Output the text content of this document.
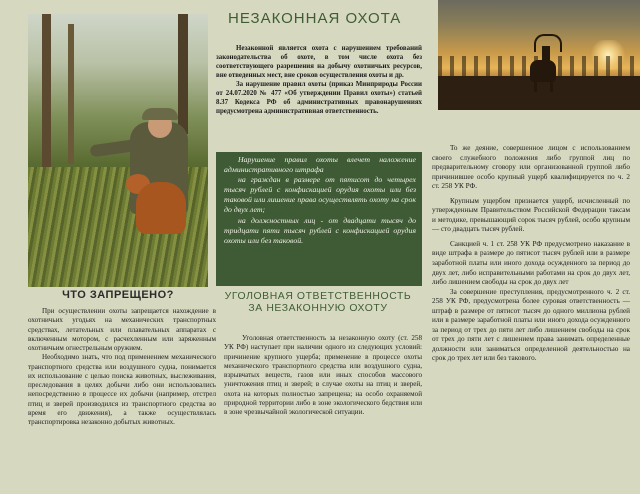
ЧТО ЗАПРЕЩЕНО?

При осуществлении охоты запрещается нахождение в охотничьих угодьях на механических транспортных средствах, летательных или плавательных аппаратах с включенным мотором, с расчехленным или заряженным охотничьим огнестрельным оружием.

Необходимо знать, что под применением механического транспортного средства или воздушного судна, понимается их использование с целью поиска животных, выслеживания, преследования в целях добычи либо они использовались непосредственно в процессе их добычи (например, отстрел птиц и зверей производился из транспортного средства во время его движения), а также осуществлялась транспортировка незаконно добытых животных.

НЕЗАКОННАЯ ОХОТА

Незаконной является охота с нарушением требований законодательства об охоте, в том числе охота без соответствующего разрешения на добычу охотничьих ресурсов, вне отведенных мест, вне сроков осуществления охоты и др.

За нарушение правил охоты (приказ Минприроды России от 24.07.2020 № 477 «Об утверждении Правил охоты») статьей 8.37 Кодекса РФ об административных правонарушениях предусмотрена административная ответственность.

Нарушение правил охоты влечет наложение административного штрафа

на граждан в размере от пятисот до четырех тысяч рублей с конфискацией орудия охоты или без таковой или лишение права осуществлять охоту на срок до двух лет;

на должностных лиц - от двадцати тысяч до тридцати пяти тысяч рублей с конфискацией орудия охоты или без таковой.

УГОЛОВНАЯ ОТВЕТСТВЕННОСТЬ ЗА НЕЗАКОННУЮ ОХОТУ

Уголовная ответственность за незаконную охоту (ст. 258 УК РФ) наступает при наличии одного из следующих условий: причинение крупного ущерба; применение в процессе охоты механического транспортного средства или воздушного судна, взрывчатых веществ, газов или иных способов массового уничтожения птиц и зверей; в случае охоты на птиц и зверей, охота на которых полностью запрещена; на особо охраняемой природной территории либо в зоне экологического бедствия или в зоне чрезвычайной экологической ситуации.

То же деяние, совершенное лицом с использованием своего служебного положения либо группой лиц по предварительному сговору или организованной группой либо причинившее особо крупный ущерб квалифицируется по ч. 2 ст. 258 УК РФ.

Крупным ущербом признается ущерб, исчисленный по утвержденным Правительством Российской Федерации таксам и методике, превышающий сорок тысяч рублей, особо крупным — сто двадцать тысяч рублей.

Санкцией ч. 1 ст. 258 УК РФ предусмотрено наказание в виде штрафа в размере до пятисот тысяч рублей или в размере заработной платы или иного дохода осужденного за период до двух лет, либо исправительными работами на срок до двух лет, либо лишением свободы на срок до двух лет

За совершение преступления, предусмотренного ч. 2 ст. 258 УК РФ, предусмотрена более суровая ответственность — штраф в размере от пятисот тысяч до одного миллиона рублей или в размере заработной платы или иного дохода осужденного за период от трех до пяти лет либо лишением свободы на срок от трех до пяти лет с лишением права занимать определенные должности или заниматься определенной деятельностью на срок до трех лет или без такового.
